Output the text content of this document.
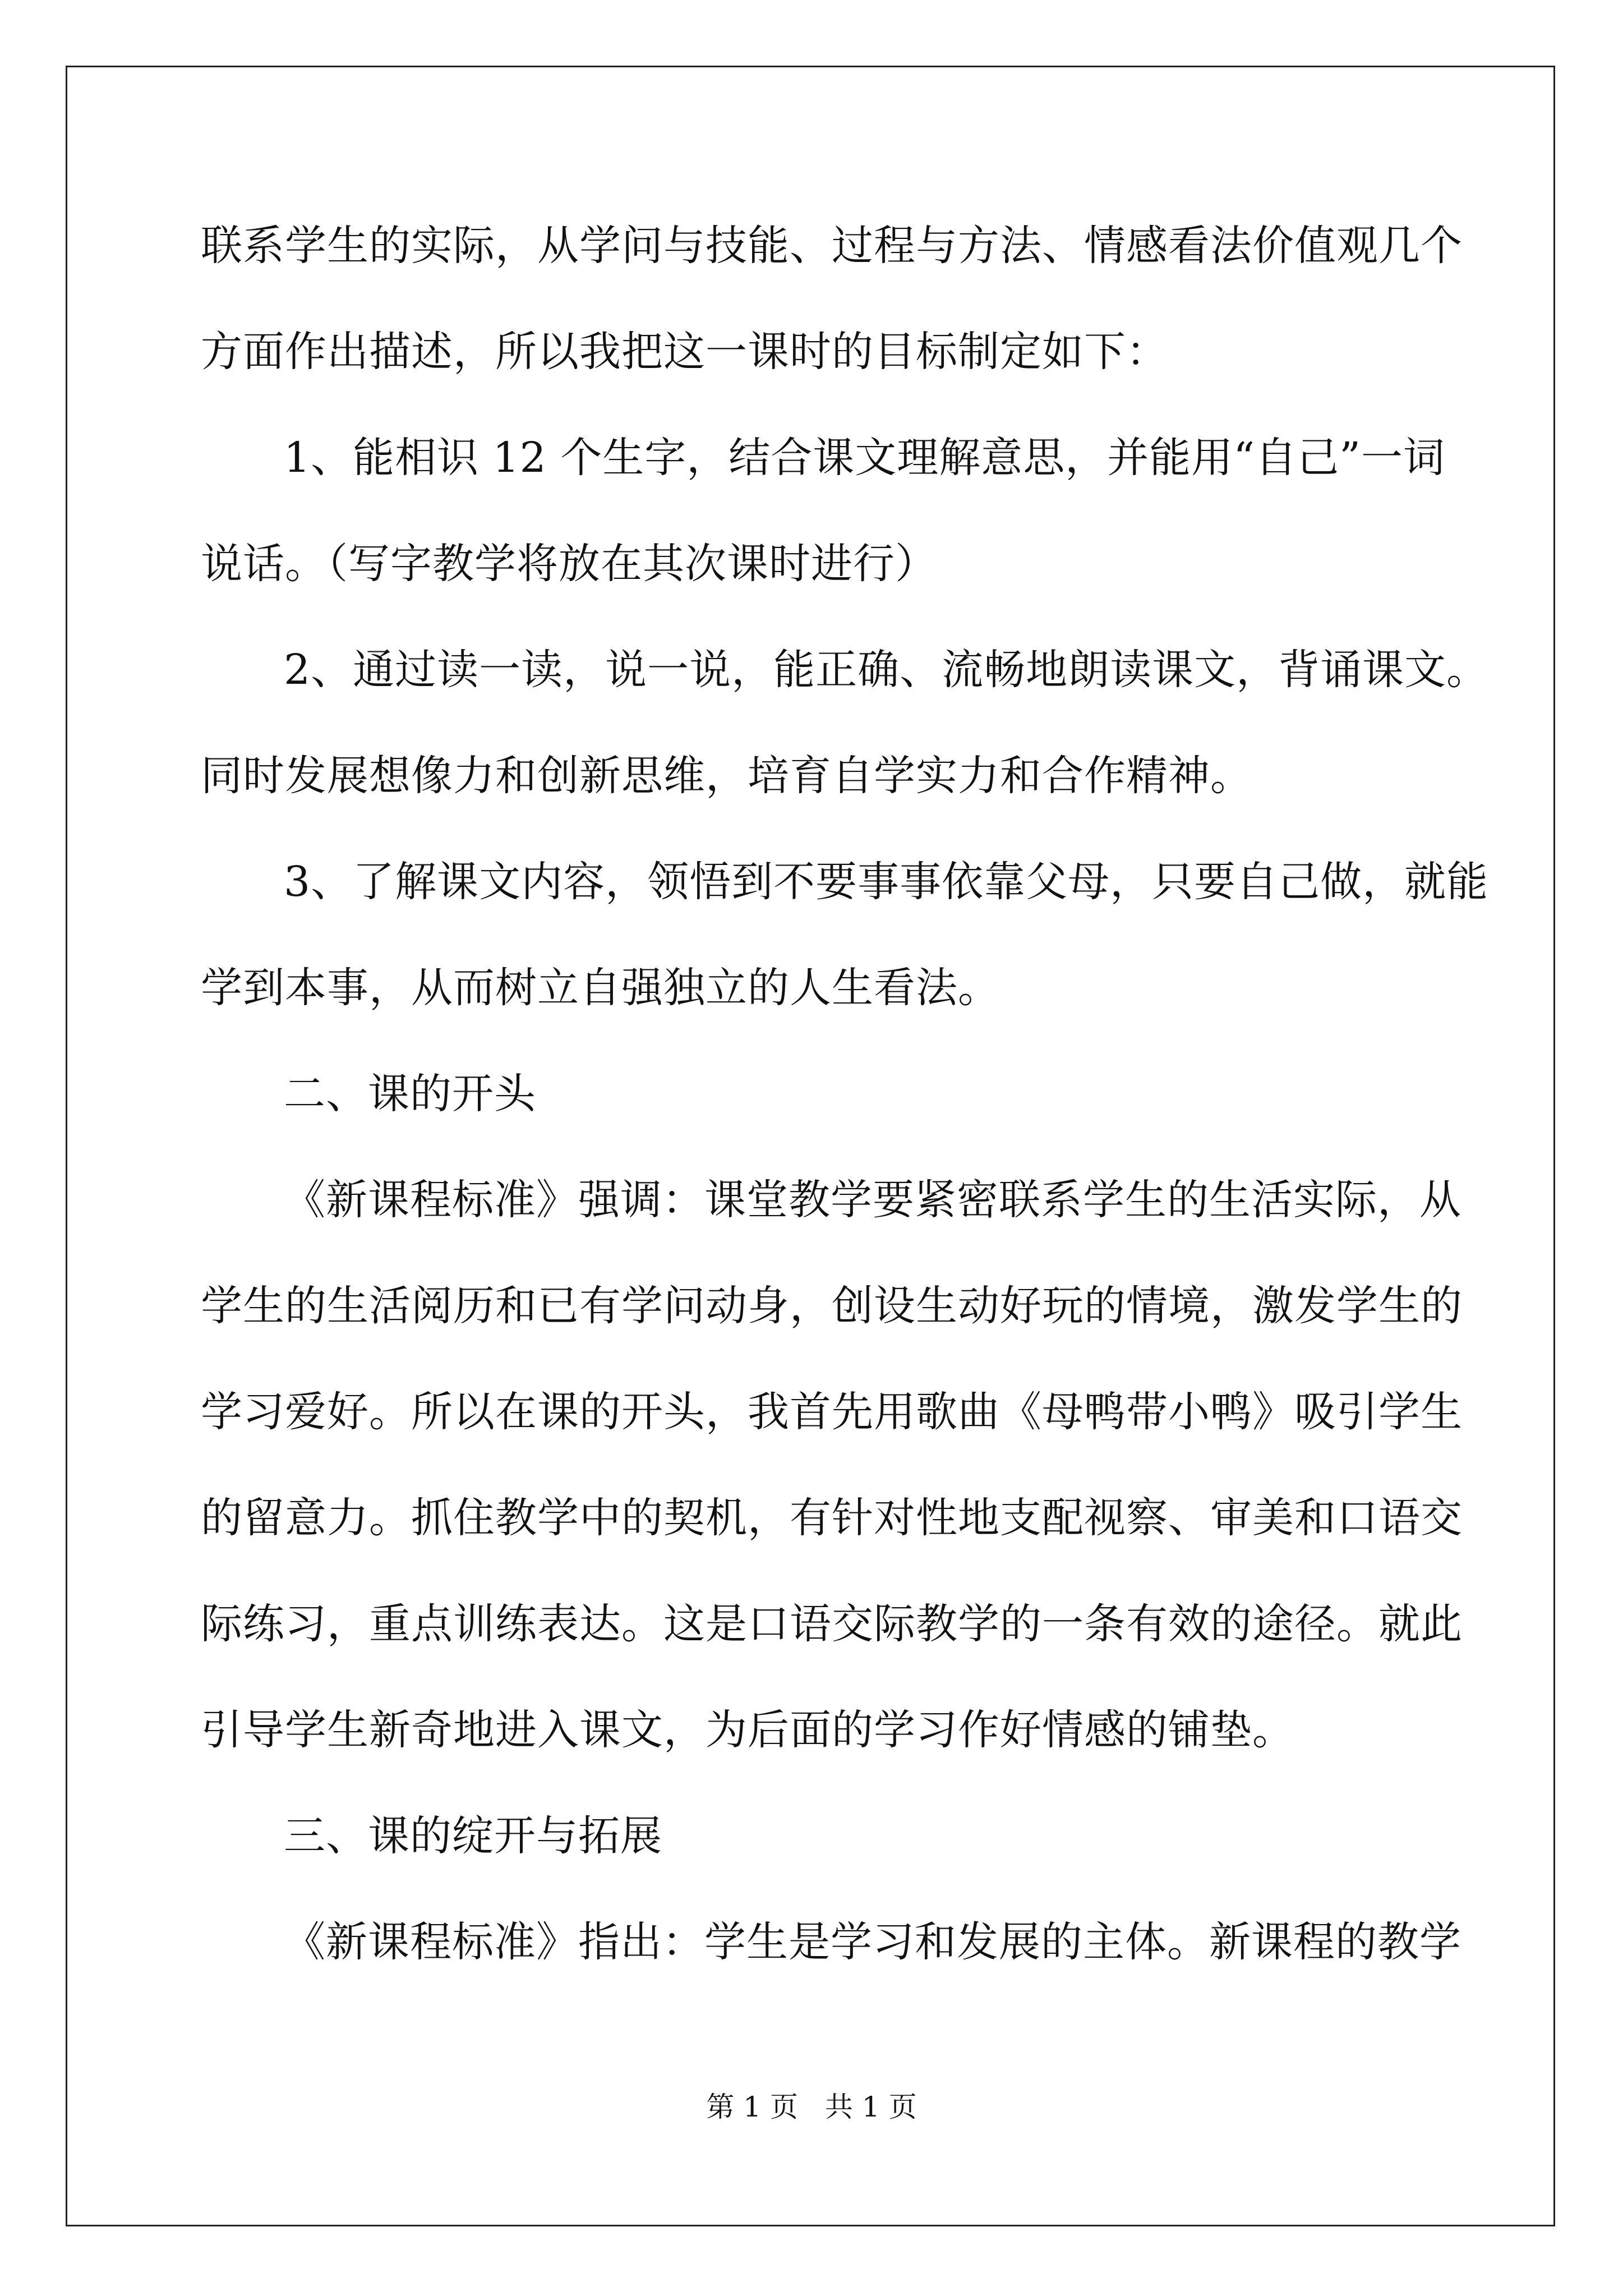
联系学生的实际，从学问与技能、过程与方法、情感看法价值观几个
方面作出描述，所以我把这一课时的目标制定如下：
1、能相识 12 个生字，结合课文理解意思，并能用“自己”一词
说话。（写字教学将放在其次课时进行）
2、通过读一读，说一说，能正确、流畅地朗读课文，背诵课文。
同时发展想像力和创新思维，培育自学实力和合作精神。
3、了解课文内容，领悟到不要事事依靠父母，只要自己做，就能
学到本事，从而树立自强独立的人生看法。
二、课的开头
《新课程标准》强调：课堂教学要紧密联系学生的生活实际，从
学生的生活阅历和已有学问动身，创设生动好玩的情境，激发学生的
学习爱好。所以在课的开头，我首先用歌曲《母鸭带小鸭》吸引学生
的留意力。抓住教学中的契机，有针对性地支配视察、审美和口语交
际练习，重点训练表达。这是口语交际教学的一条有效的途径。就此
引导学生新奇地进入课文，为后面的学习作好情感的铺垫。
三、课的绽开与拓展
《新课程标准》指出：学生是学习和发展的主体。新课程的教学
第 1 页 共 1 页
